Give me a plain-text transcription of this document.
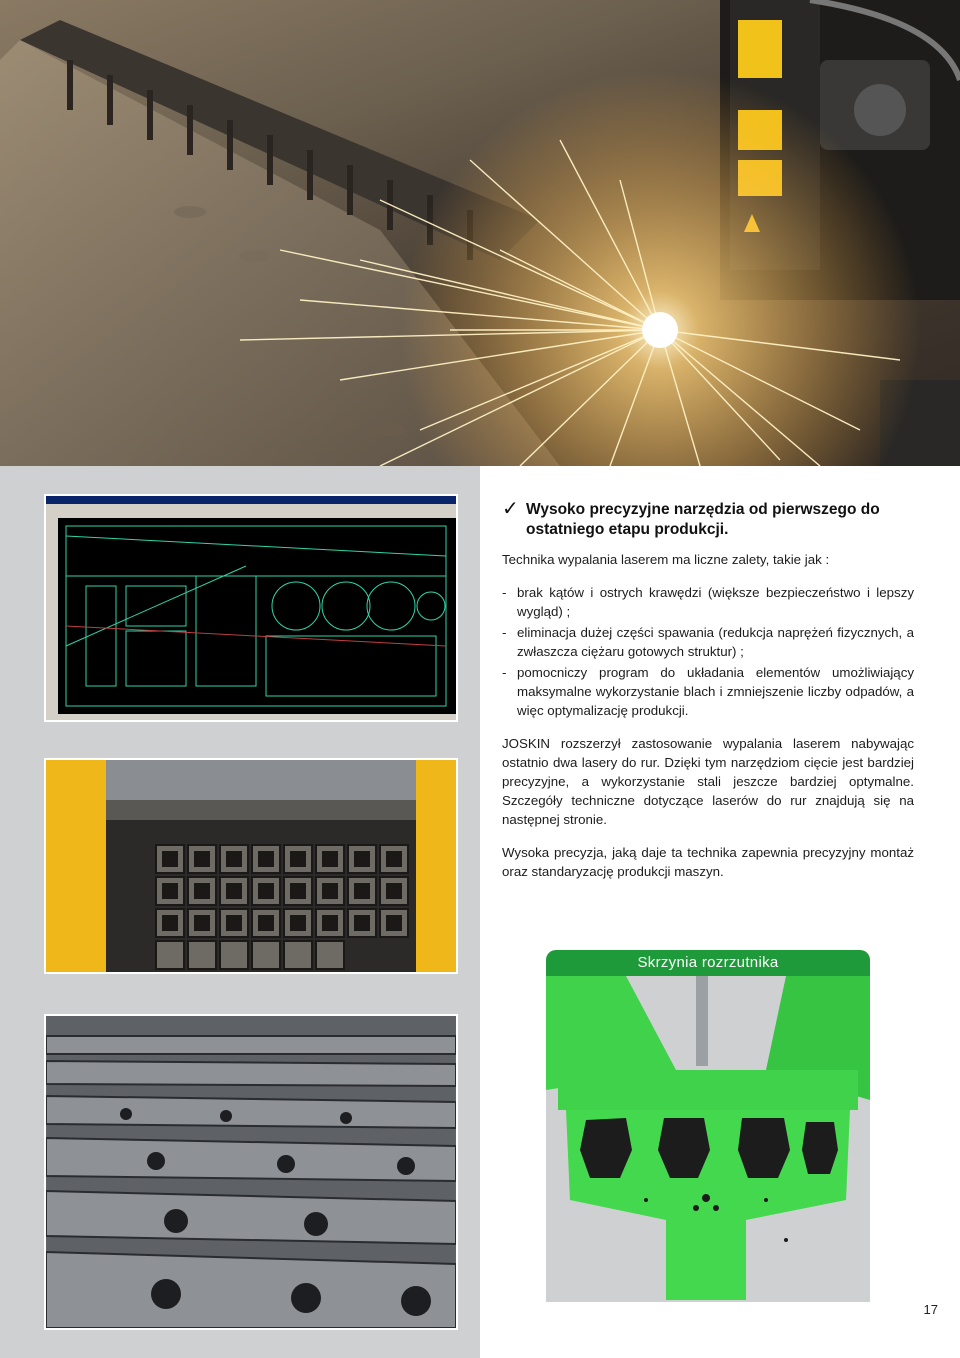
✓ Wysoko precyzyjne narzędzia od pierwszego do ostatniego etapu produkcji.

Technika wypalania laserem ma liczne zalety, takie jak :

- brak kątów i ostrych krawędzi (większe bezpieczeństwo i lepszy wygląd) ;
- eliminacja dużej części spawania (redukcja naprężeń fizycznych, a zwłaszcza ciężaru gotowych struktur) ;
- pomocniczy program do układania elementów umożliwiający maksymalne wykorzystanie blach i zmniejszenie liczby odpadów, a więc optymalizację produkcji.

JOSKIN rozszerzył zastosowanie wypalania laserem nabywając ostatnio dwa lasery do rur. Dzięki tym narzędziom cięcie jest bardziej precyzyjne, a wykorzystanie stali jeszcze bardziej optymalne. Szczegóły techniczne dotyczące laserów do rur znajdują się na następnej stronie.

Wysoka precyzja, jaką daje ta technika zapewnia precyzyjny montaż oraz standaryzację produkcji maszyn.

Skrzynia rozrzutnika
17
